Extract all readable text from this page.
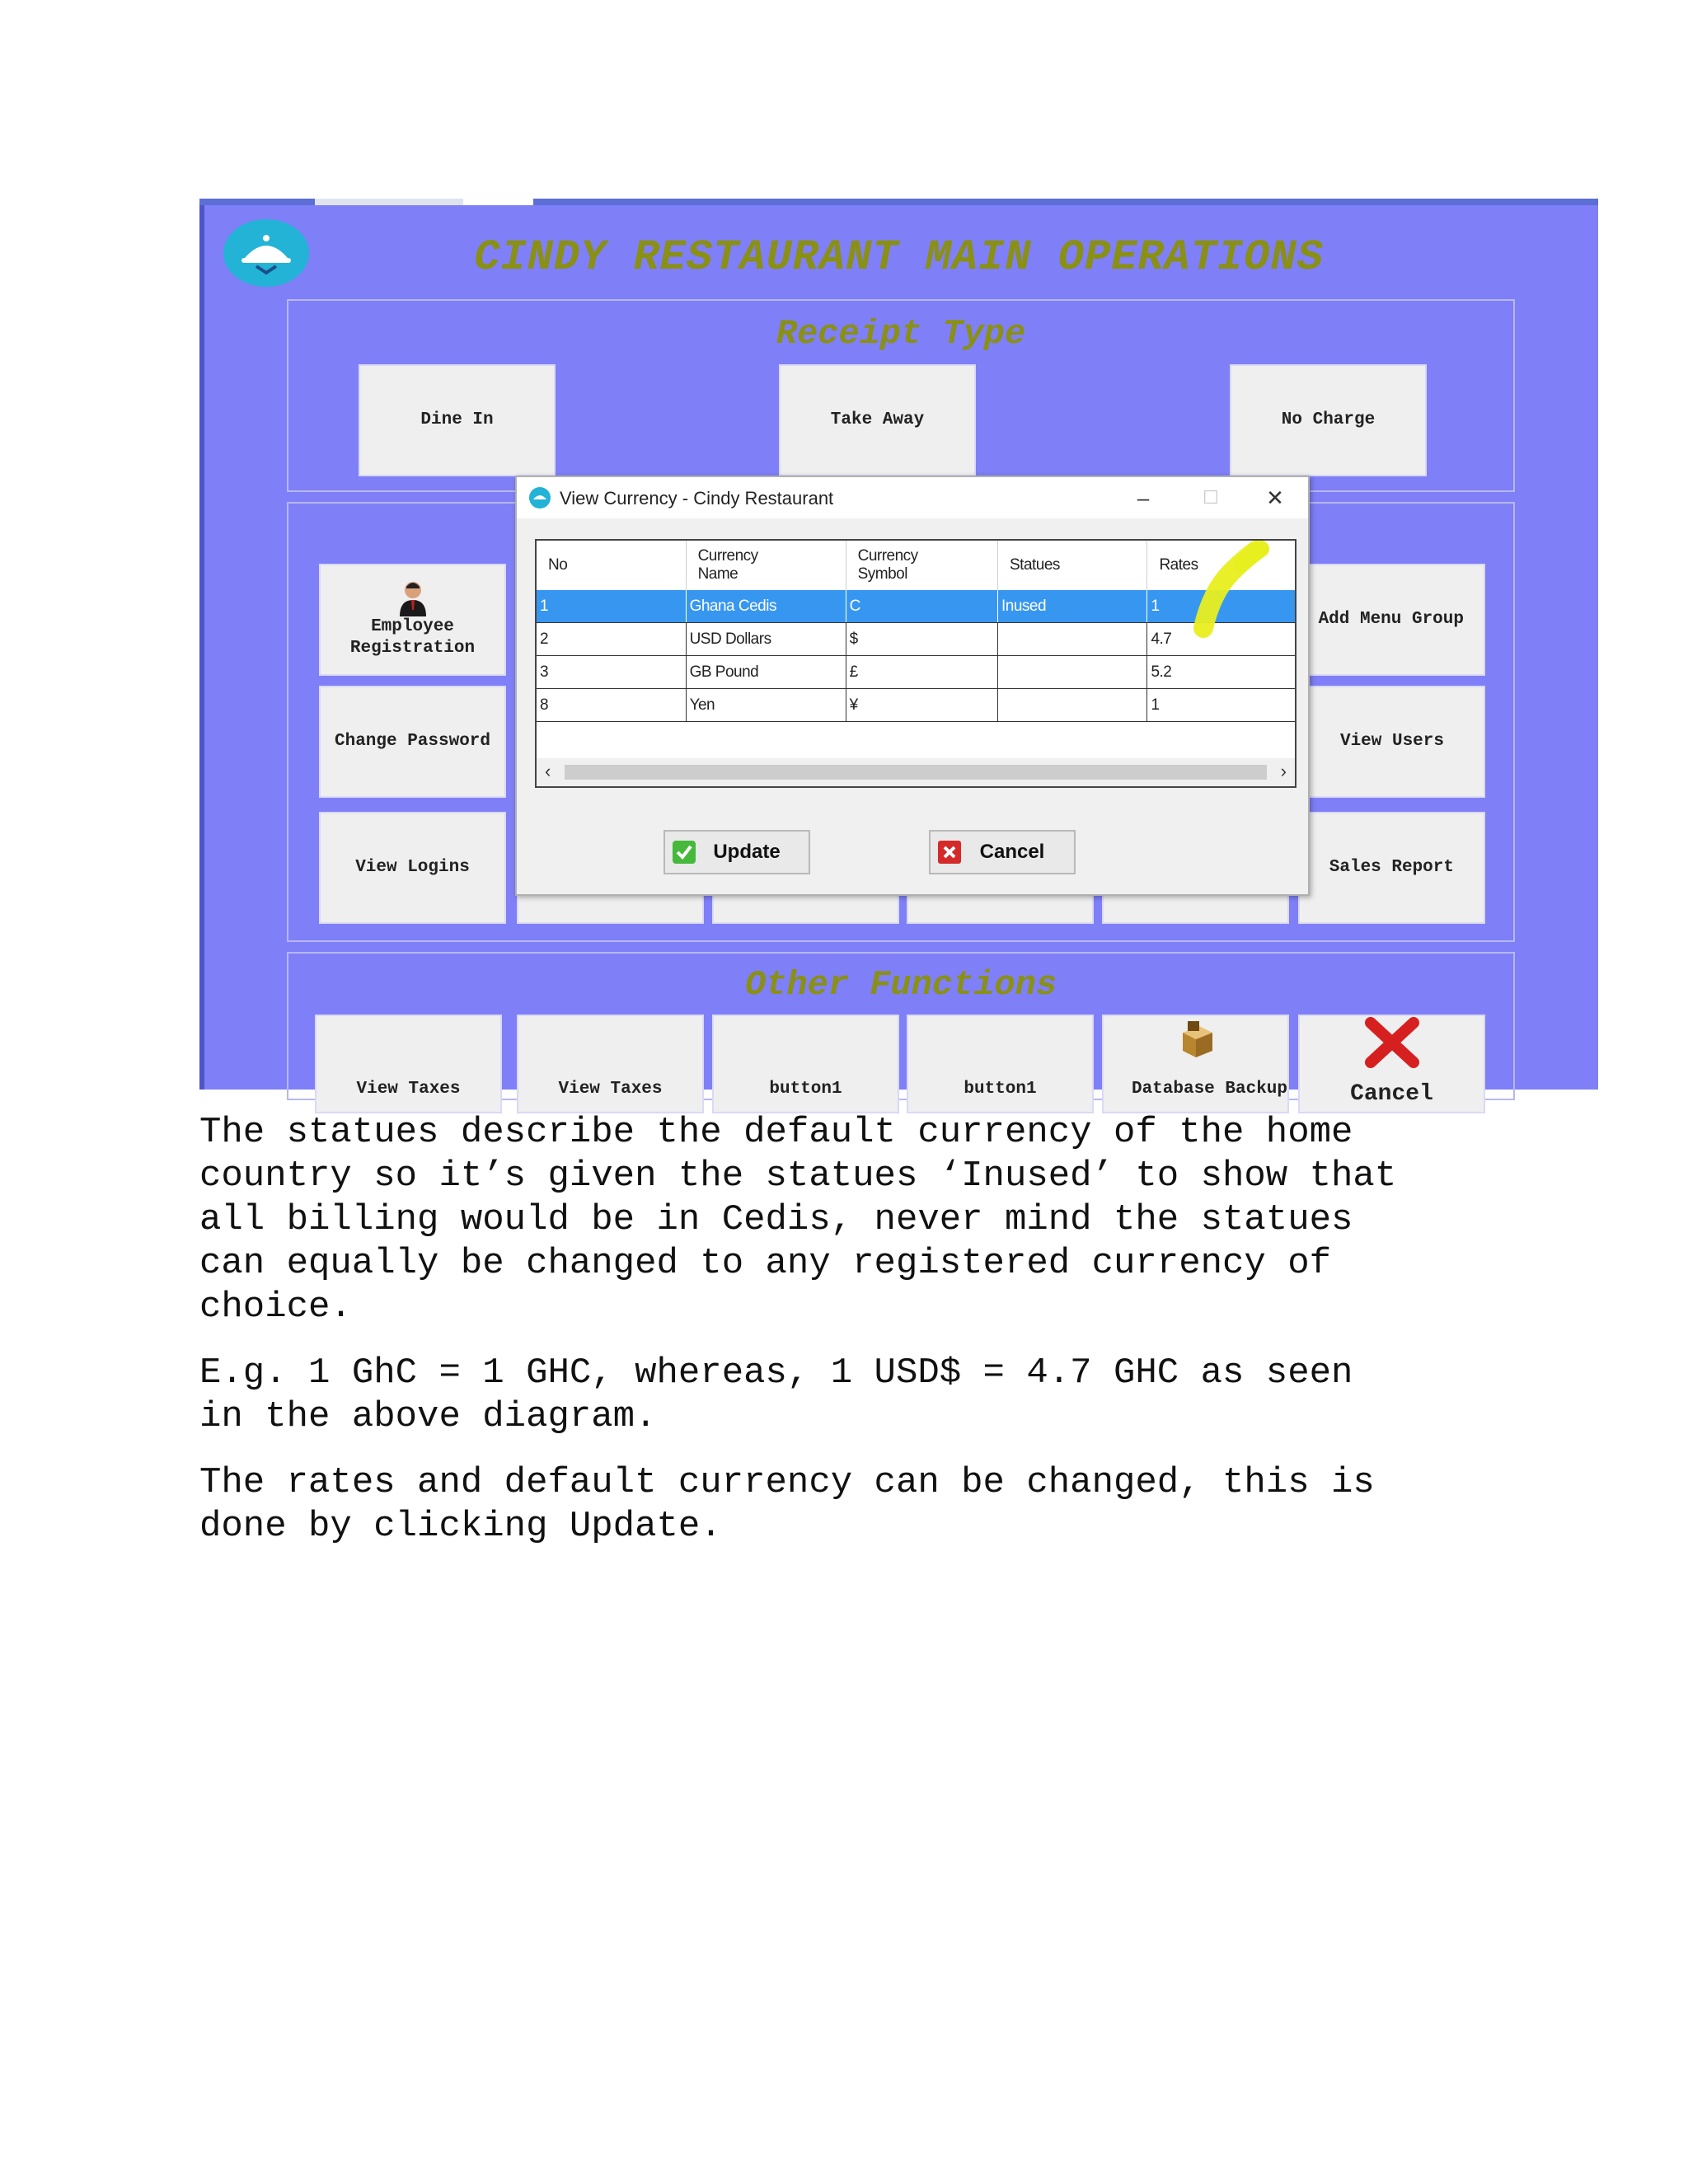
CINDY RESTAURANT MAIN OPERATIONS
Receipt Type
Dine In	Take Away	No Charge
Employee Registration
Change Password
View Logins
Add Menu Group
View Users
Sales Report
Other Functions
View Taxes	View Taxes	button1	button1	Database Backup	Cancel
View Currency - Cindy Restaurant	–	☐	✕
No	Currency Name	Currency Symbol	Statues	Rates
1	Ghana Cedis	C	Inused	1
2	USD Dollars	$		4.7
3	GB Pound	£		5.2
8	Yen	¥		1
‹	›
Update	Cancel

The statues describe the default currency of the home
country so it’s given the statues ‘Inused’ to show that
all billing would be in Cedis, never mind the statues
can equally be changed to any registered currency of
choice.

E.g. 1 GhC = 1 GHC, whereas, 1 USD$ = 4.7 GHC as seen
in the above diagram.

The rates and default currency can be changed, this is
done by clicking Update.
